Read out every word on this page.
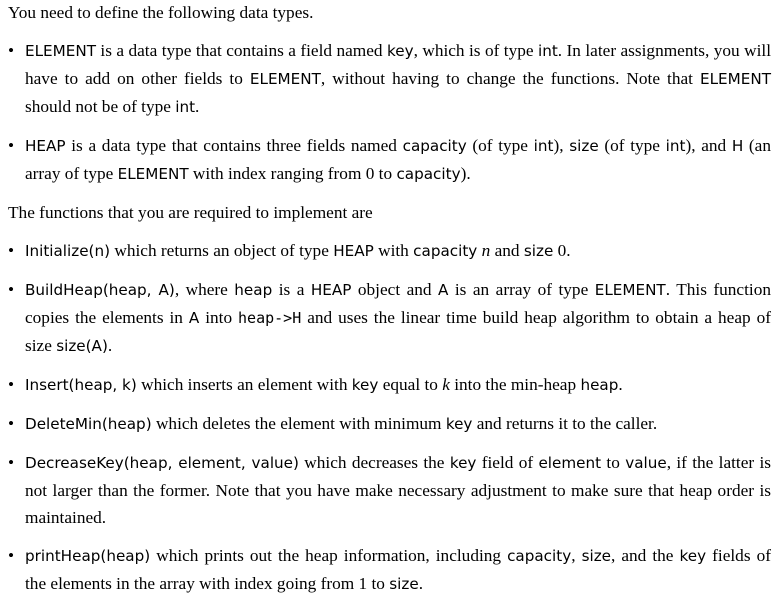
You need to define the following data types.

• ELEMENT is a data type that contains a field named key, which is of type int. In later assignments, you will have to add on other fields to ELEMENT, without having to change the functions. Note that ELEMENT should not be of type int.
• HEAP is a data type that contains three fields named capacity (of type int), size (of type int), and H (an array of type ELEMENT with index ranging from 0 to capacity).

The functions that you are required to implement are

• Initialize(n) which returns an object of type HEAP with capacity n and size 0.
• BuildHeap(heap, A), where heap is a HEAP object and A is an array of type ELEMENT. This function copies the elements in A into heap->H and uses the linear time build heap algorithm to obtain a heap of size size(A).
• Insert(heap, k) which inserts an element with key equal to k into the min-heap heap.
• DeleteMin(heap) which deletes the element with minimum key and returns it to the caller.
• DecreaseKey(heap, element, value) which decreases the key field of element to value, if the latter is not larger than the former. Note that you have make necessary adjustment to make sure that heap order is maintained.
• printHeap(heap) which prints out the heap information, including capacity, size, and the key fields of the elements in the array with index going from 1 to size.
